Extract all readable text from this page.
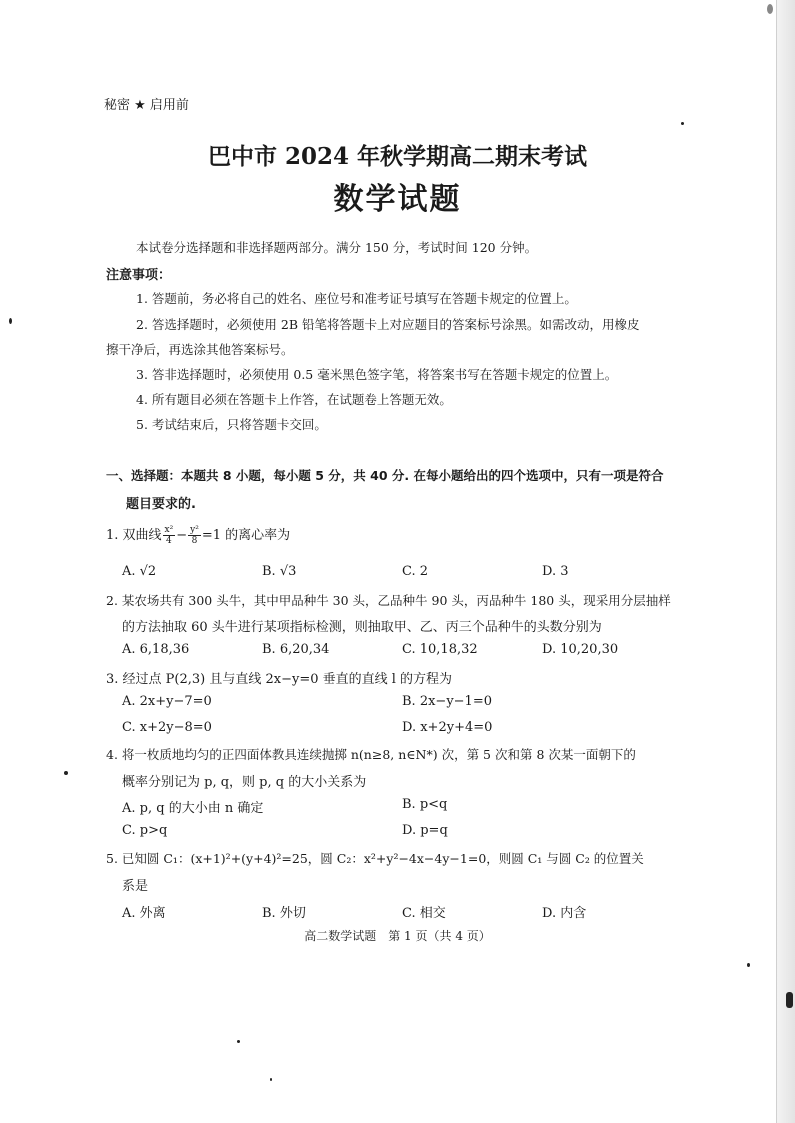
秘密 ★ 启用前
巴中市 2024 年秋学期高二期末考试
数学试题
本试卷分选择题和非选择题两部分。满分 150 分，考试时间 120 分钟。
注意事项：
1. 答题前，务必将自己的姓名、座位号和准考证号填写在答题卡规定的位置上。
2. 答选择题时，必须使用 2B 铅笔将答题卡上对应题目的答案标号涂黑。如需改动，用橡皮
擦干净后，再选涂其他答案标号。
3. 答非选择题时，必须使用 0.5 毫米黑色签字笔，将答案书写在答题卡规定的位置上。
4. 所有题目必须在答题卡上作答，在试题卷上答题无效。
5. 考试结束后，只将答题卡交回。
一、选择题：本题共 8 小题，每小题 5 分，共 40 分. 在每小题给出的四个选项中，只有一项是符合
题目要求的.
1. 双曲线 $\frac{\text{x²}}{4} - \frac{\text{y²}}{8} =1$ 的离心率为
A. √2	B. √3	C. 2	D. 3
2. 某农场共有 300 头牛，其中甲品种牛 30 头，乙品种牛 90 头，丙品种牛 180 头，现采用分层抽样
的方法抽取 60 头牛进行某项指标检测，则抽取甲、乙、丙三个品种牛的头数分别为
A. 6,18,36	B. 6,20,34	C. 10,18,32	D. 10,20,30
3. 经过点 P(2,3) 且与直线 2x−y=0 垂直的直线 l 的方程为
A. 2x+y−7=0	B. 2x−y−1=0
C. x+2y−8=0	D. x+2y+4=0
4. 将一枚质地均匀的正四面体教具连续抛掷 n(n≥8, n∈N*) 次，第 5 次和第 8 次某一面朝下的
概率分别记为 p, q，则 p, q 的大小关系为
A. p, q 的大小由 n 确定	B. p<q
C. p>q	D. p=q
5. 已知圆 C₁：(x+1)²+(y+4)²=25，圆 C₂：x²+y²−4x−4y−1=0，则圆 C₁ 与圆 C₂ 的位置关
系是
A. 外离	B. 外切	C. 相交	D. 内含
高二数学试题　第 1 页（共 4 页）
